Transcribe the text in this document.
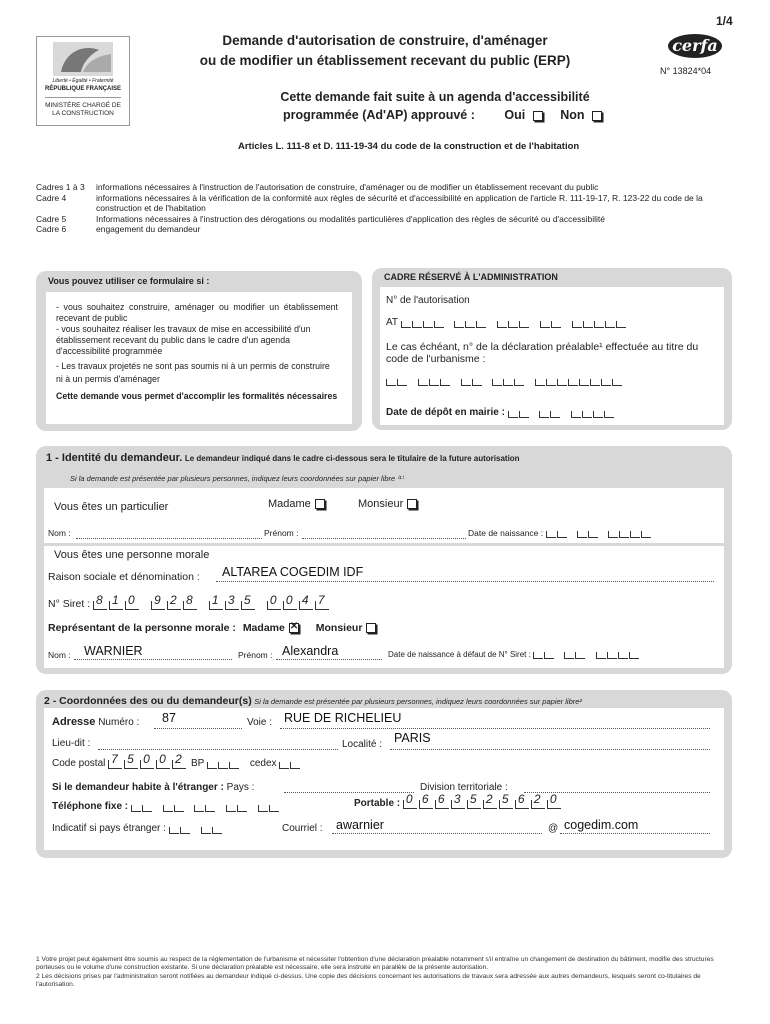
1/4
Liberté • Égalité • Fraternité
RÉPUBLIQUE FRANÇAISE
MINISTÈRE CHARGÉ DE LA CONSTRUCTION
Demande d'autorisation de construire, d'aménager
ou de modifier un établissement recevant du public (ERP)
cerfa
N° 13824*04
Cette demande fait suite à un agenda d'accessibilité
programmée (Ad'AP) approuvé : Oui	Non
Articles L. 111-8 et D. 111-19-34 du code de la construction et de l'habitation
Cadres 1 à 3	informations nécessaires à l'instruction de l'autorisation de construire, d'aménager ou de modifier un établissement recevant du public
Cadre 4	informations nécessaires à la vérification de la conformité aux règles de sécurité et d'accessibilité en application de l'article R. 111-19-17, R. 123-22 du code de la construction et de l'habitation
Cadre 5	Informations nécessaires à l'instruction des dérogations ou modalités particulières d'application des règles de sécurité ou d'accessibilité
Cadre 6	engagement du demandeur
Vous pouvez utiliser ce formulaire si :
- vous souhaitez construire, aménager ou modifier un établissement recevant de public
- vous souhaitez réaliser les travaux de mise en accessibilité d'un établissement recevant du public dans le cadre d'un agenda d'accessibilité programmée
- Les travaux projetés ne sont pas soumis ni à un permis de construire ni à un permis d'aménager
Cette demande vous permet d'accomplir les formalités nécessaires
CADRE RÉSERVÉ À L'ADMINISTRATION
N° de l'autorisation
AT
Le cas échéant, n° de la déclaration préalable¹ effectuée au titre du code de l'urbanisme :

Date de dépôt en mairie :
1 - Identité du demandeur. Le demandeur indiqué dans le cadre ci-dessous sera le titulaire de la future autorisation
Si la demande est présentée par plusieurs personnes, indiquez leurs coordonnées sur papier libre ⁽¹⁾
Vous êtes un particulier	Madame	Monsieur
Nom :	Prénom :	Date de naissance :
Vous êtes une personne morale
Raison sociale et dénomination : ALTAREA COGEDIM IDF
N° Siret : 8 1 0
9 2 8
1 3 5
0 0 4 7
Représentant de la personne morale : Madame✕	Monsieur
Nom : WARNIER	Prénom : Alexandra	Date de naissance à défaut de N° Siret :
2 - Coordonnées des ou du demandeur(s) Si la demande est présentée par plusieurs personnes, indiquez leurs coordonnées sur papier libre²
Adresse Numéro : 87	Voie : RUE DE RICHELIEU
Lieu-dit :	Localité : PARIS
Code postal 7 5 0 0 2 BP	cedex
Si le demandeur habite à l'étranger : Pays :	Division territoriale :
Téléphone fixe :	Portable : 0 6 6 3 5 2 5 6 2 0
Indicatif si pays étranger :	Courriel : awarnier	@ cogedim.com
1 Votre projet peut également être soumis au respect de la réglementation de l'urbanisme et nécessiter l'obtention d'une déclaration préalable notamment s'il entraîne un changement de destination du bâtiment, modifie des structures porteuses ou le volume d'une construction existante. Si une déclaration préalable est nécessaire, elle sera instruite en parallèle de la présente autorisation.
2 Les décisions prises par l'administration seront notifiées au demandeur indiqué ci-dessus. Une copie des décisions concernant les autorisations de travaux sera adressée aux autres demandeurs, lesquels seront co-titulaires de l'autorisation.
